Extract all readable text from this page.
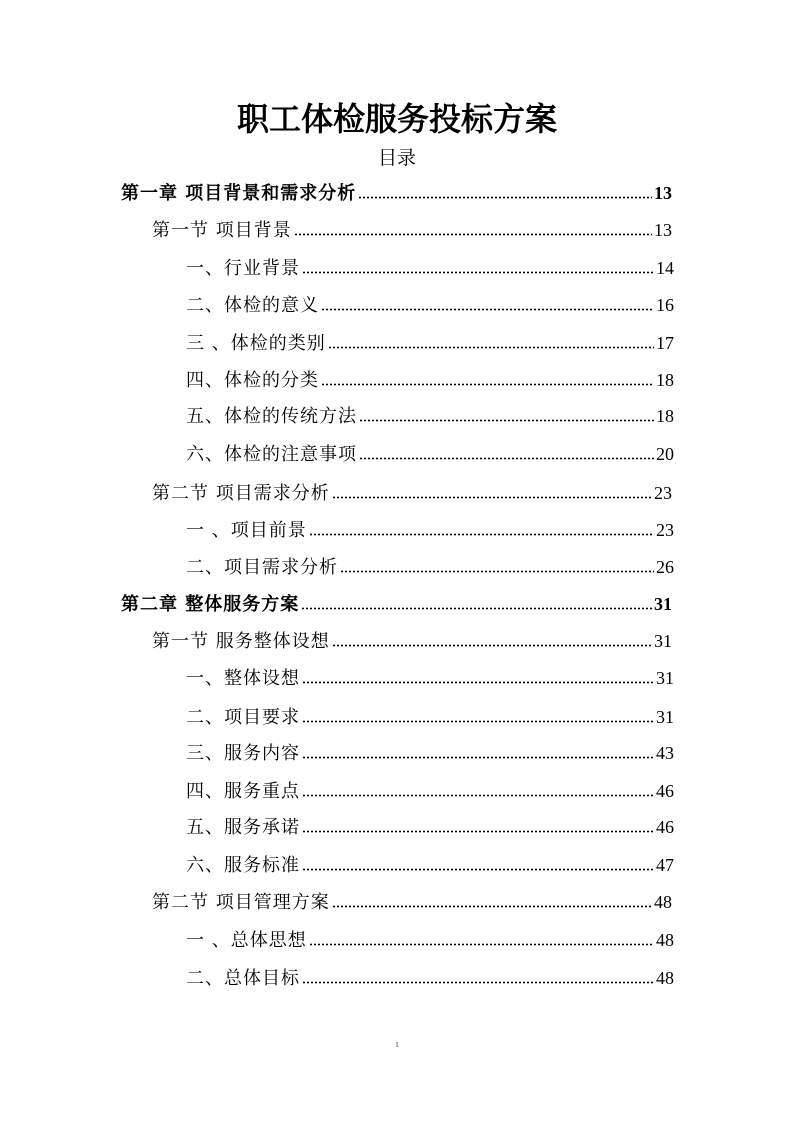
职工体检服务投标方案
目录
第一章 项目背景和需求分析	13
第一节 项目背景	13
一、行业背景	14
二、体检的意义	16
三 、体检的类别	17
四、体检的分类	18
五、体检的传统方法	18
六、体检的注意事项	20
第二节 项目需求分析	23
一 、项目前景	23
二、项目需求分析	26
第二章 整体服务方案	31
第一节 服务整体设想	31
一、整体设想	31
二、项目要求	31
三、服务内容	43
四、服务重点	46
五、服务承诺	46
六、服务标准	47
第二节 项目管理方案	48
一 、总体思想	48
二、总体目标	48
1
